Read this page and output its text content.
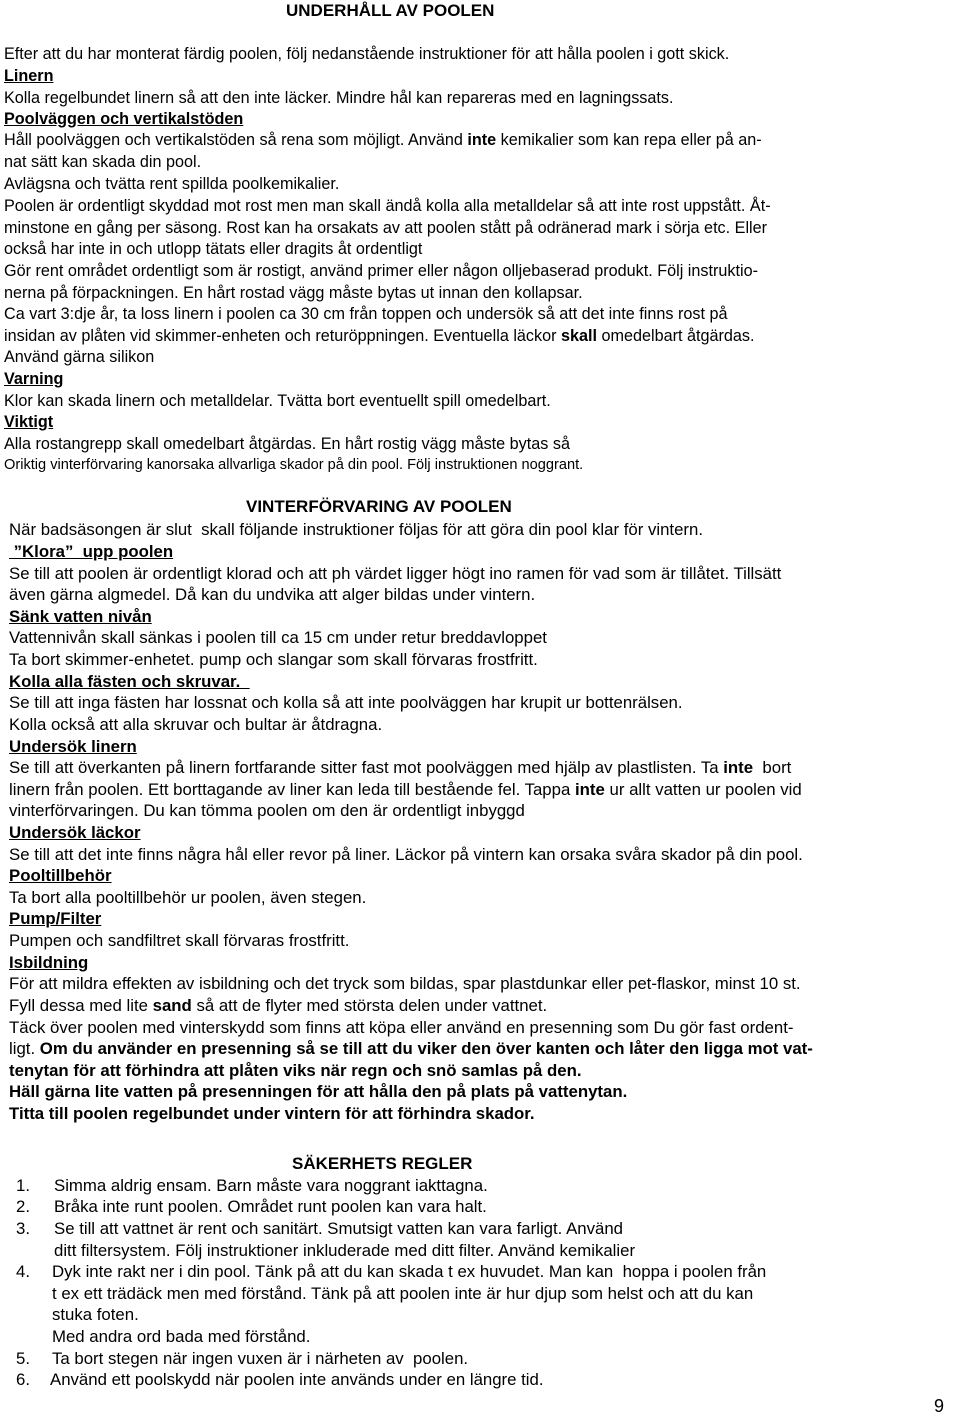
UNDERHÅLL AV POOLEN
Efter att du har monterat färdig poolen, följ nedanstående instruktioner för att hålla poolen i gott skick.
Linern
Kolla regelbundet linern så att den inte läcker. Mindre hål kan repareras med en lagningssats.
Poolväggen och vertikalstöden
Håll poolväggen och vertikalstöden så rena som möjligt. Använd inte kemikalier som kan repa eller på an-
nat sätt kan skada din pool.
Avlägsna och tvätta rent spillda poolkemikalier.
Poolen är ordentligt skyddad mot rost men man skall ändå kolla alla metalldelar så att inte rost uppstått. Åt-
minstone en gång per säsong. Rost kan ha orsakats av att poolen stått på odränerad mark i sörja etc. Eller
också har inte in och utlopp tätats eller dragits åt ordentligt
Gör rent området ordentligt som är rostigt, använd primer eller någon olljebaserad produkt. Följ instruktio-
nerna på förpackningen. En hårt rostad vägg måste bytas ut innan den kollapsar.
Ca vart 3:dje år, ta loss linern i poolen ca 30 cm från toppen och undersök så att det inte finns rost på
insidan av plåten vid skimmer-enheten och returöppningen. Eventuella läckor skall omedelbart åtgärdas.
Använd gärna silikon
Varning
Klor kan skada linern och metalldelar. Tvätta bort eventuellt spill omedelbart.
Viktigt
Alla rostangrepp skall omedelbart åtgärdas. En hårt rostig vägg måste bytas så
Oriktig vinterförvaring kanorsaka allvarliga skador på din pool. Följ instruktionen noggrant.
VINTERFÖRVARING AV POOLEN
När badsäsongen är slut  skall följande instruktioner följas för att göra din pool klar för vintern.
”Klora”  upp poolen
Se till att poolen är ordentligt klorad och att ph värdet ligger högt ino ramen för vad som är tillåtet. Tillsätt
även gärna algmedel. Då kan du undvika att alger bildas under vintern.
Sänk vatten nivån
Vattennivån skall sänkas i poolen till ca 15 cm under retur breddavloppet
Ta bort skimmer-enhetet. pump och slangar som skall förvaras frostfritt.
Kolla alla fästen och skruvar.
Se till att inga fästen har lossnat och kolla så att inte poolväggen har krupit ur bottenrälsen.
Kolla också att alla skruvar och bultar är åtdragna.
Undersök linern
Se till att överkanten på linern fortfarande sitter fast mot poolväggen med hjälp av plastlisten. Ta inte  bort
linern från poolen. Ett borttagande av liner kan leda till bestående fel. Tappa inte ur allt vatten ur poolen vid
vinterförvaringen. Du kan tömma poolen om den är ordentligt inbyggd
Undersök läckor
Se till att det inte finns några hål eller revor på liner. Läckor på vintern kan orsaka svåra skador på din pool.
Pooltillbehör
Ta bort alla pooltillbehör ur poolen, även stegen.
Pump/Filter
Pumpen och sandfiltret skall förvaras frostfritt.
Isbildning
För att mildra effekten av isbildning och det tryck som bildas, spar plastdunkar eller pet-flaskor, minst 10 st.
Fyll dessa med lite sand så att de flyter med största delen under vattnet.
Täck över poolen med vinterskydd som finns att köpa eller använd en presenning som Du gör fast ordent-
ligt. Om du använder en presenning så se till att du viker den över kanten och låter den ligga mot vat-
tenytan för att förhindra att plåten viks när regn och snö samlas på den.
Häll gärna lite vatten på presenningen för att hålla den på plats på vattenytan.
Titta till poolen regelbundet under vintern för att förhindra skador.
SÄKERHETS REGLER
1. Simma aldrig ensam. Barn måste vara noggrant iakttagna.
2. Bråka inte runt poolen. Området runt poolen kan vara halt.
3. Se till att vattnet är rent och sanitärt. Smutsigt vatten kan vara farligt. Använd
ditt filtersystem. Följ instruktioner inkluderade med ditt filter. Använd kemikalier
4. Dyk inte rakt ner i din pool. Tänk på att du kan skada t ex huvudet. Man kan  hoppa i poolen från
t ex ett trädäck men med förstånd. Tänk på att poolen inte är hur djup som helst och att du kan
stuka foten.
Med andra ord bada med förstånd.
5. Ta bort stegen när ingen vuxen är i närheten av  poolen.
6. Använd ett poolskydd när poolen inte används under en längre tid.
9
